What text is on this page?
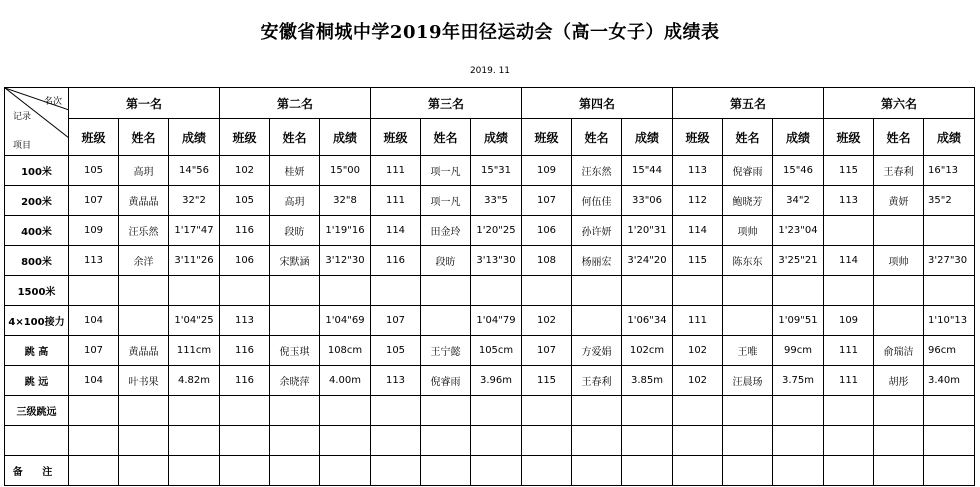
安徽省桐城中学2019年田径运动会（高一女子）成绩表
2019. 11
名次
记录
项目	第一名			第二名			第三名			第四名			第五名			第六名		
	班级	姓名	成绩	班级	姓名	成绩	班级	姓名	成绩	班级	姓名	成绩	班级	姓名	成绩	班级	姓名	成绩
100米	105	高玥	14"56	102	桂妍	15"00	111	项一凡	15"31	109	汪东然	15"44	113	倪睿雨	15"46	115	王春利	16"13
200米	107	黄晶晶	32"2	105	高玥	32"8	111	项一凡	33"5	107	何伍佳	33"06	112	鲍晓芳	34"2	113	黄妍	35"2
400米	109	汪乐然	1'17"47	116	段昉	1'19"16	114	田金玲	1'20"25	106	孙许妍	1'20"31	114	项帅	1'23"04			
800米	113	余洋	3'11"26	106	宋默涵	3'12"30	116	段昉	3'13"30	108	杨丽宏	3'24"20	115	陈东东	3'25"21	114	项帅	3'27"30
1500米																		
4×100接力	104		1'04"25	113		1'04"69	107		1'04"79	102		1'06"34	111		1'09"51	109		1'10"13
跳 高	107	黄晶晶	111cm	116	倪玉琪	108cm	105	王宁懿	105cm	107	方爱娟	102cm	102	王唯	99cm	111	俞瑞洁	96cm
跳 远	104	叶书果	4.82m	116	余晓萍	4.00m	113	倪睿雨	3.96m	115	王春利	3.85m	102	汪晨玚	3.75m	111	胡彤	3.40m
三级跳远																		

备 注																		
